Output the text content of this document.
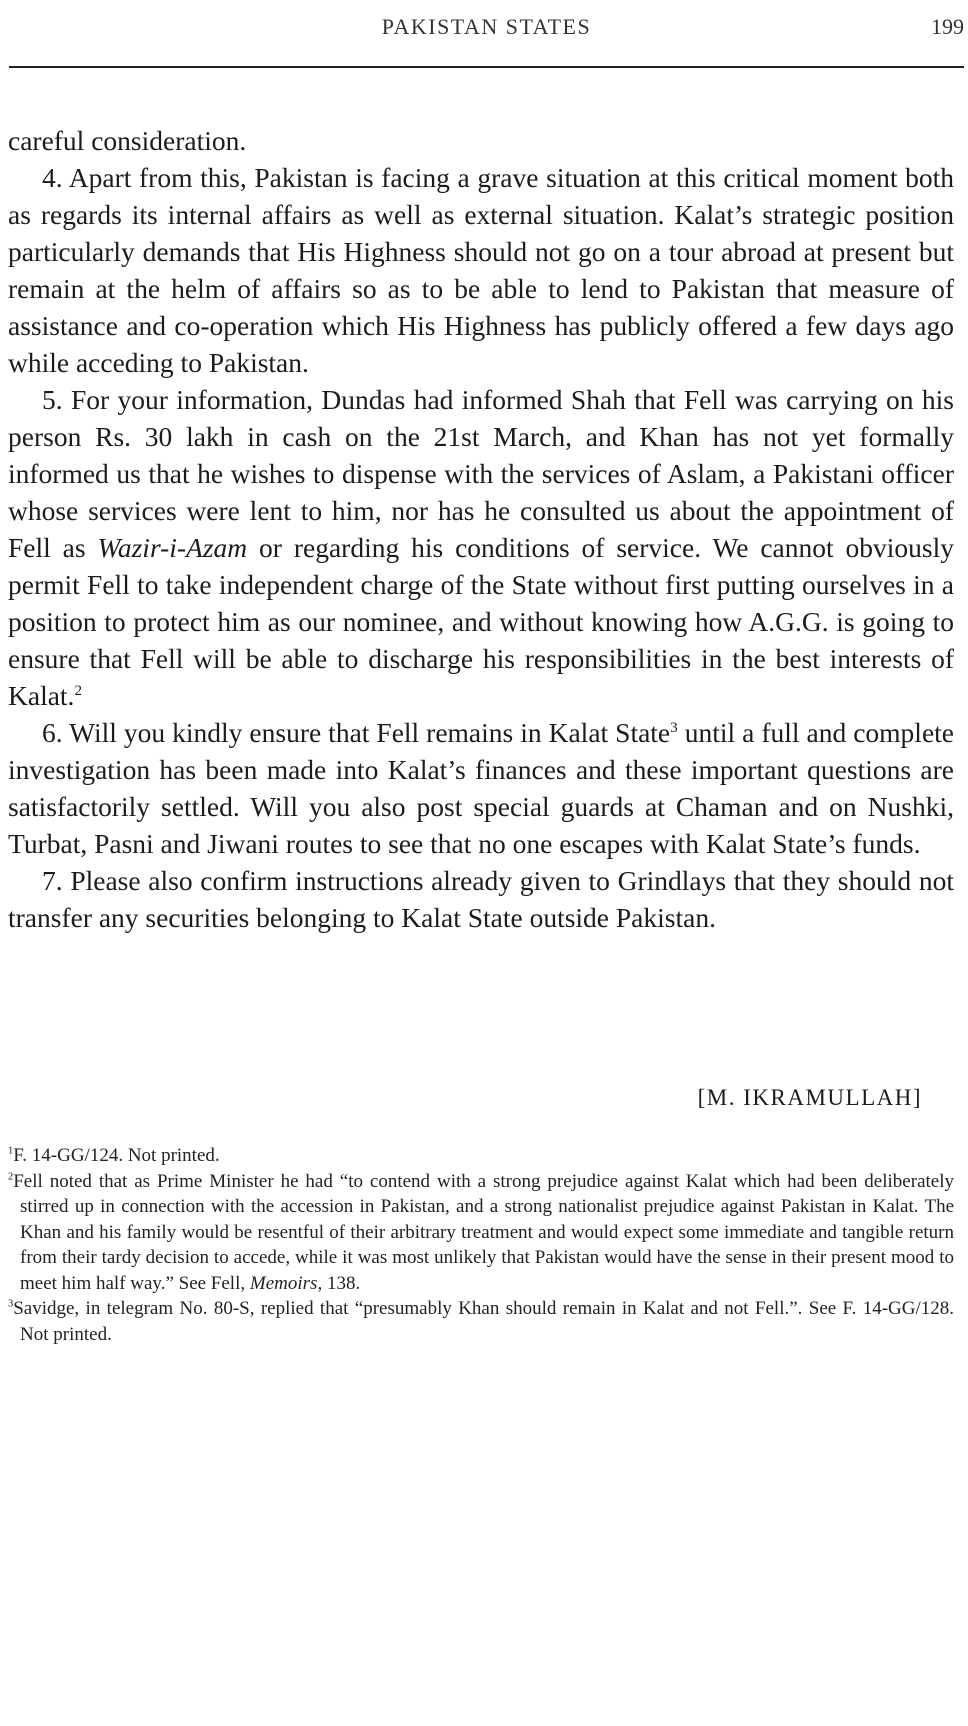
PAKISTAN STATES	199

careful consideration.

4. Apart from this, Pakistan is facing a grave situation at this critical moment both as regards its internal affairs as well as external situation. Kalat’s strategic position particularly demands that His Highness should not go on a tour abroad at present but remain at the helm of affairs so as to be able to lend to Pakistan that measure of assistance and co-operation which His Highness has publicly offered a few days ago while acceding to Pakistan.

5. For your information, Dundas had informed Shah that Fell was carrying on his person Rs. 30 lakh in cash on the 21st March, and Khan has not yet formally informed us that he wishes to dispense with the services of Aslam, a Pakistani officer whose services were lent to him, nor has he consulted us about the appointment of Fell as Wazir-i-Azam or regarding his conditions of service. We cannot obviously permit Fell to take independent charge of the State without first putting ourselves in a position to protect him as our nominee, and without knowing how A.G.G. is going to ensure that Fell will be able to discharge his responsibilities in the best interests of Kalat.$^2$

6. Will you kindly ensure that Fell remains in Kalat State$^3$ until a full and complete investigation has been made into Kalat’s finances and these important questions are satisfactorily settled. Will you also post special guards at Chaman and on Nushki, Turbat, Pasni and Jiwani routes to see that no one escapes with Kalat State’s funds.

7. Please also confirm instructions already given to Grindlays that they should not transfer any securities belonging to Kalat State outside Pakistan.

[M. IKRAMULLAH]

$^1$F. 14-GG/124. Not printed.

$^2$Fell noted that as Prime Minister he had “to contend with a strong prejudice against Kalat which had been deliberately stirred up in connection with the accession in Pakistan, and a strong nationalist prejudice against Pakistan in Kalat. The Khan and his family would be resentful of their arbitrary treatment and would expect some immediate and tangible return from their tardy decision to accede, while it was most unlikely that Pakistan would have the sense in their present mood to meet him half way.” See Fell, Memoirs, 138.

$^3$Savidge, in telegram No. 80-S, replied that “presumably Khan should remain in Kalat and not Fell.”. See F. 14-GG/128. Not printed.
